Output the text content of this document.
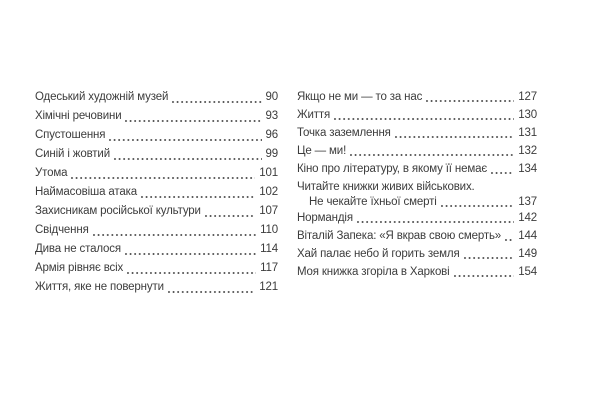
Одеський художній музей	90
Хімічні речовини	93
Спустошення	96
Синій і жовтий	99
Утома	101
Наймасовіша атака	102
Захисникам російської культури	107
Свідчення	110
Дива не сталося	114
Армія рівняє всіх	117
Життя, яке не повернути	121
Якщо не ми — то за нас	127
Життя	130
Точка заземлення	131
Це — ми!	132
Кіно про літературу, в якому її немає	134
Читайте книжки живих військових.
Не чекайте їхньої смерті	137
Нормандія	142
Віталій Запека: «Я вкрав свою смерть» 144
Хай палає небо й горить земля	149
Моя книжка згоріла в Харкові	154
